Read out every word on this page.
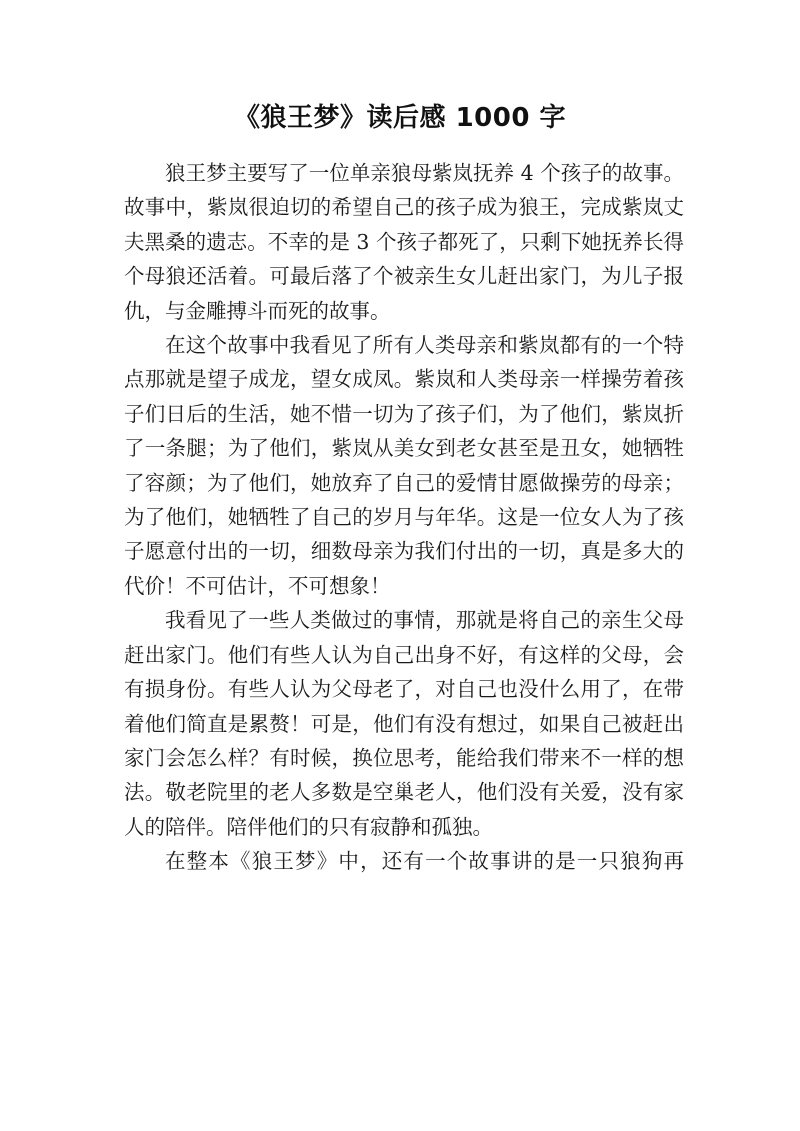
《狼王梦》读后感 1000 字

狼王梦主要写了一位单亲狼母紫岚抚养 4 个孩子的故事。故事中，紫岚很迫切的希望自己的孩子成为狼王，完成紫岚丈夫黑桑的遗志。不幸的是 3 个孩子都死了，只剩下她抚养长得个母狼还活着。可最后落了个被亲生女儿赶出家门，为儿子报仇，与金雕搏斗而死的故事。

在这个故事中我看见了所有人类母亲和紫岚都有的一个特点那就是望子成龙，望女成凤。紫岚和人类母亲一样操劳着孩子们日后的生活，她不惜一切为了孩子们，为了他们，紫岚折了一条腿；为了他们，紫岚从美女到老女甚至是丑女，她牺牲了容颜；为了他们，她放弃了自己的爱情甘愿做操劳的母亲；为了他们，她牺牲了自己的岁月与年华。这是一位女人为了孩子愿意付出的一切，细数母亲为我们付出的一切，真是多大的代价！不可估计，不可想象！

我看见了一些人类做过的事情，那就是将自己的亲生父母赶出家门。他们有些人认为自己出身不好，有这样的父母，会有损身份。有些人认为父母老了，对自己也没什么用了，在带着他们简直是累赘！可是，他们有没有想过，如果自己被赶出家门会怎么样？有时候，换位思考，能给我们带来不一样的想法。敬老院里的老人多数是空巢老人，他们没有关爱，没有家人的陪伴。陪伴他们的只有寂静和孤独。

在整本《狼王梦》中，还有一个故事讲的是一只狼狗再
